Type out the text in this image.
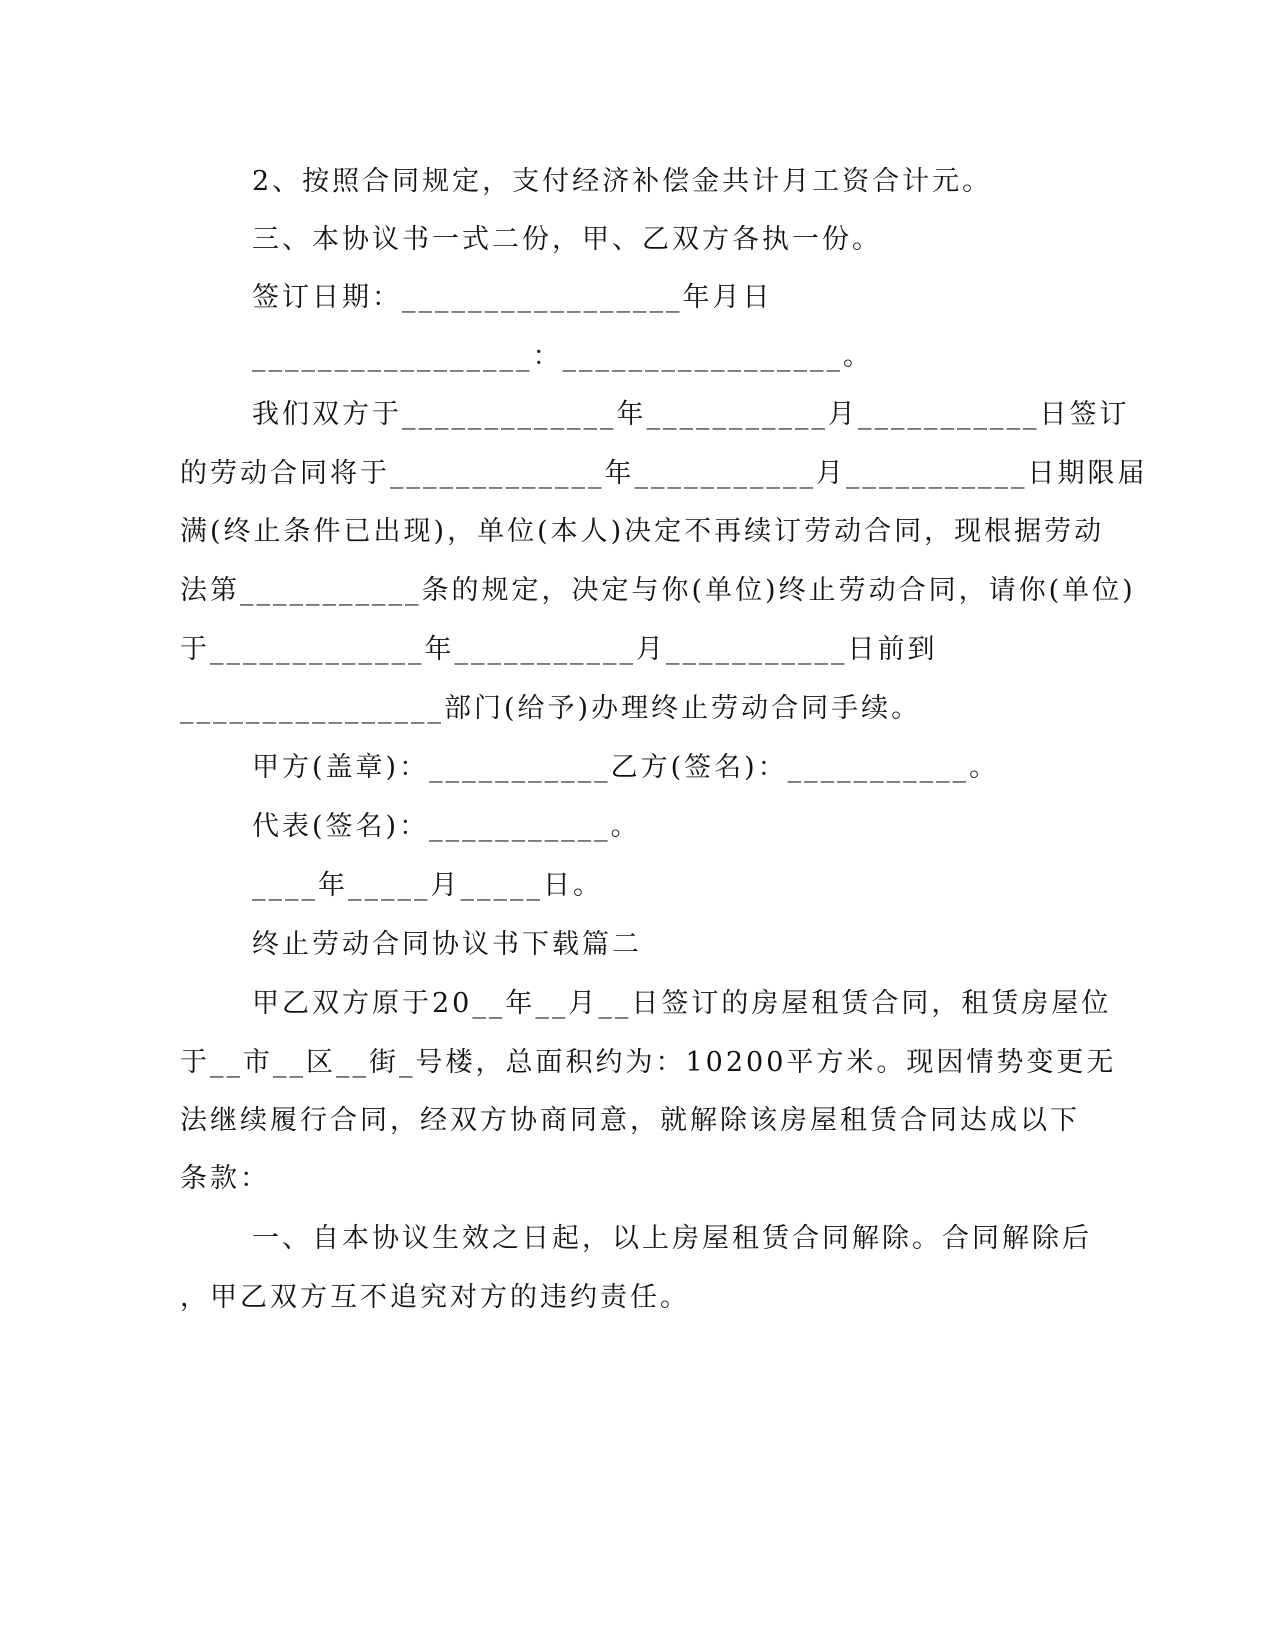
2、按照合同规定，支付经济补偿金共计月工资合计元。
三、本协议书一式二份，甲、乙双方各执一份。
签订日期：_________________年月日
_________________：_________________。
我们双方于_____________年___________月___________日签订
的劳动合同将于_____________年___________月___________日期限届
满(终止条件已出现)，单位(本人)决定不再续订劳动合同，现根据劳动
法第___________条的规定，决定与你(单位)终止劳动合同，请你(单位)
于_____________年___________月___________日前到
________________部门(给予)办理终止劳动合同手续。
甲方(盖章)：___________乙方(签名)：___________。
代表(签名)：___________。
____年_____月_____日。
终止劳动合同协议书下载篇二
甲乙双方原于20__年__月__日签订的房屋租赁合同，租赁房屋位
于__市__区__街_号楼，总面积约为：10200平方米。现因情势变更无
法继续履行合同，经双方协商同意，就解除该房屋租赁合同达成以下
条款：
一、自本协议生效之日起，以上房屋租赁合同解除。合同解除后
，甲乙双方互不追究对方的违约责任。
